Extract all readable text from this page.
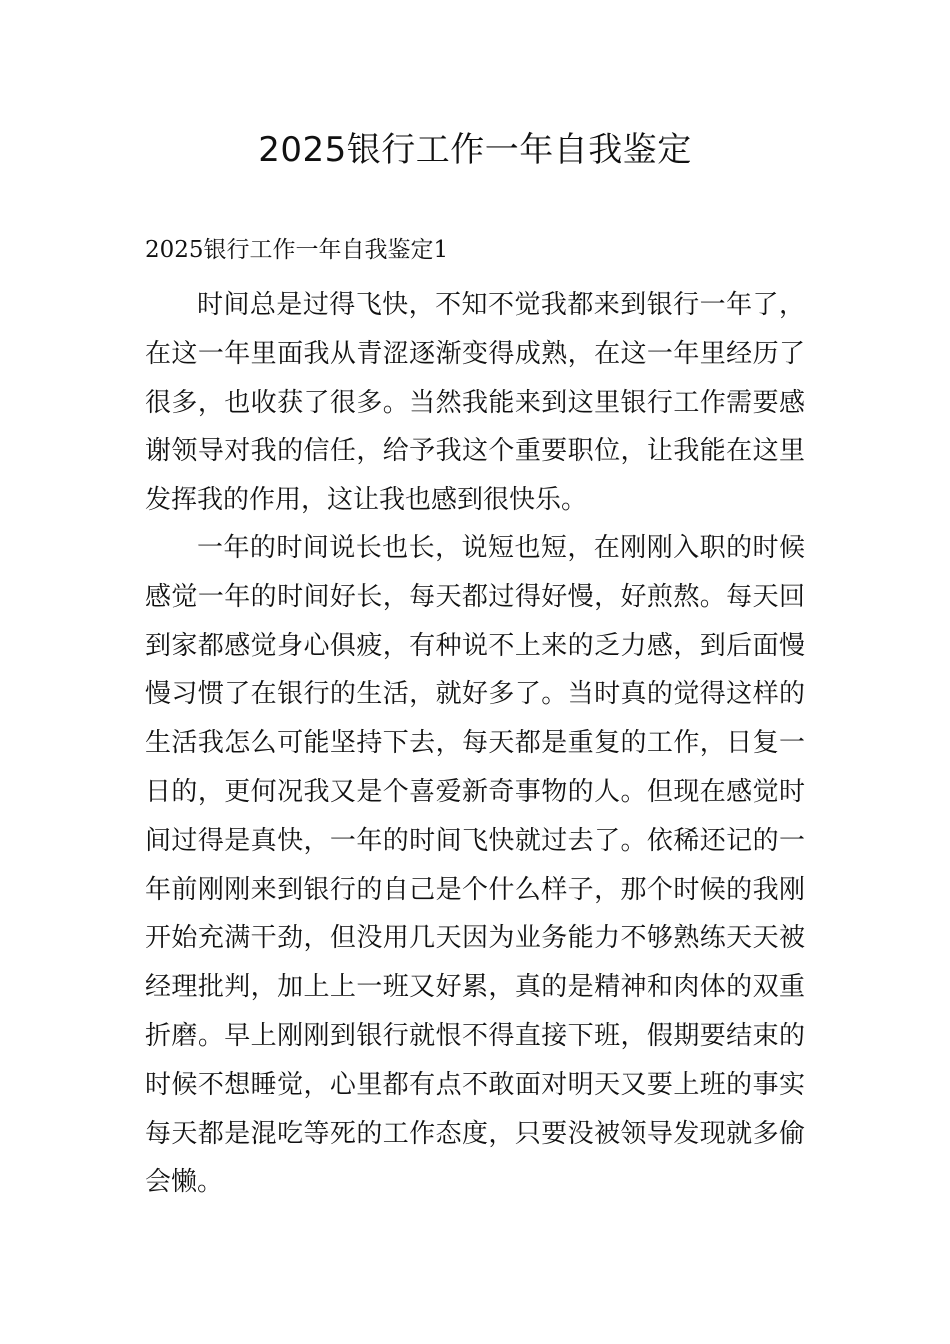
2025银行工作一年自我鉴定
2025银行工作一年自我鉴定1

时间总是过得飞快，不知不觉我都来到银行一年了，在这一年里面我从青涩逐渐变得成熟，在这一年里经历了很多，也收获了很多。当然我能来到这里银行工作需要感谢领导对我的信任，给予我这个重要职位，让我能在这里发挥我的作用，这让我也感到很快乐。

一年的时间说长也长，说短也短，在刚刚入职的时候感觉一年的时间好长，每天都过得好慢，好煎熬。每天回到家都感觉身心俱疲，有种说不上来的乏力感，到后面慢慢习惯了在银行的生活，就好多了。当时真的觉得这样的生活我怎么可能坚持下去，每天都是重复的工作，日复一日的，更何况我又是个喜爱新奇事物的人。但现在感觉时间过得是真快，一年的时间飞快就过去了。依稀还记的一年前刚刚来到银行的自己是个什么样子，那个时候的我刚开始充满干劲，但没用几天因为业务能力不够熟练天天被经理批判，加上上一班又好累，真的是精神和肉体的双重折磨。早上刚刚到银行就恨不得直接下班，假期要结束的时候不想睡觉，心里都有点不敢面对明天又要上班的事实每天都是混吃等死的工作态度，只要没被领导发现就多偷会懒。
